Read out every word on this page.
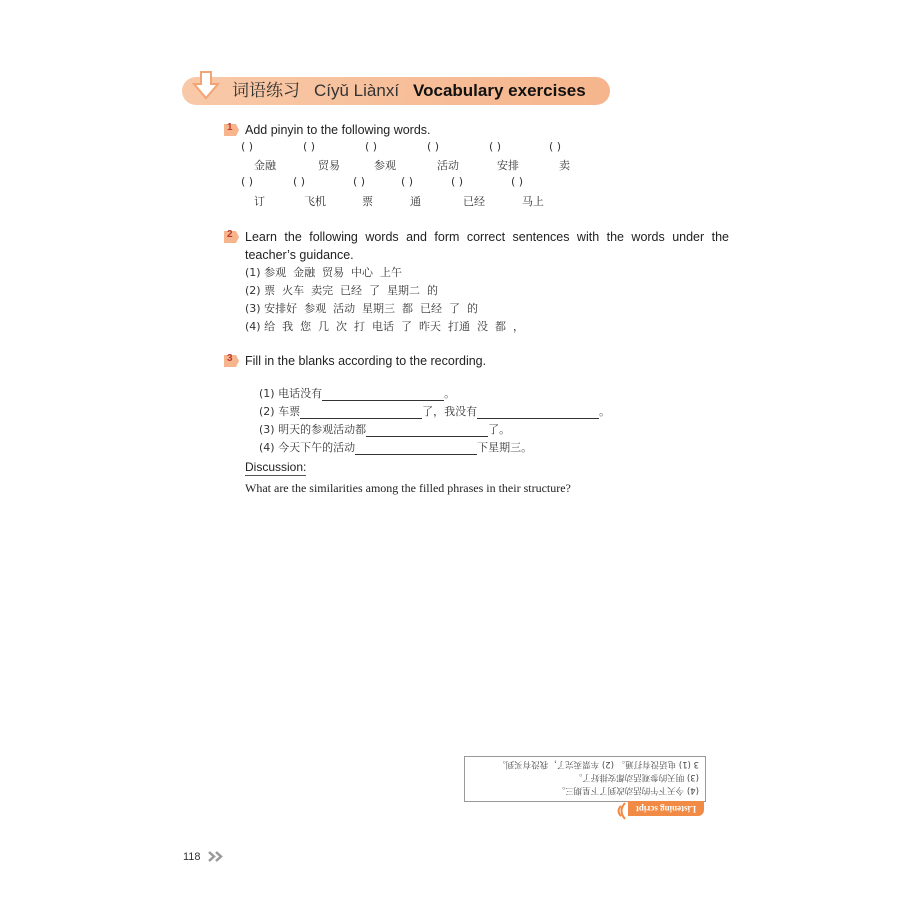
词语练习 Cíyǔ Liànxí Vocabulary exercises
1 Add pinyin to the following words.
( )	( )	( )	( )	( )	( )
金融	贸易	参观	活动	安排	卖
( )	( )	( )	( )	( )	( )
订	飞机	票	通	已经	马上
2 Learn the following words and form correct sentences with the words under the teacher’s guidance.
(1) 参观  金融  贸易  中心  上午
(2) 票  火车  卖完  已经  了  星期二  的
(3) 安排好  参观  活动  星期三  都  已经  了  的
(4) 给  我  您  几  次  打  电话  了  昨天  打通  没  都  ，
3 Fill in the blanks according to the recording.

(1) 电话没有	。

(2) 车票	了，我没有	。

(3) 明天的参观活动都	了。

(4) 今天下午的活动	下星期三。

Discussion:
What are the similarities among the filled phrases in their structure?
(4) 今天下午的活动改到了下星期三。
(3) 明天的参观活动都安排好了。
3 (1) 电话没有打通。 (2) 车票卖完了，我没有买到。
Listening script
118
